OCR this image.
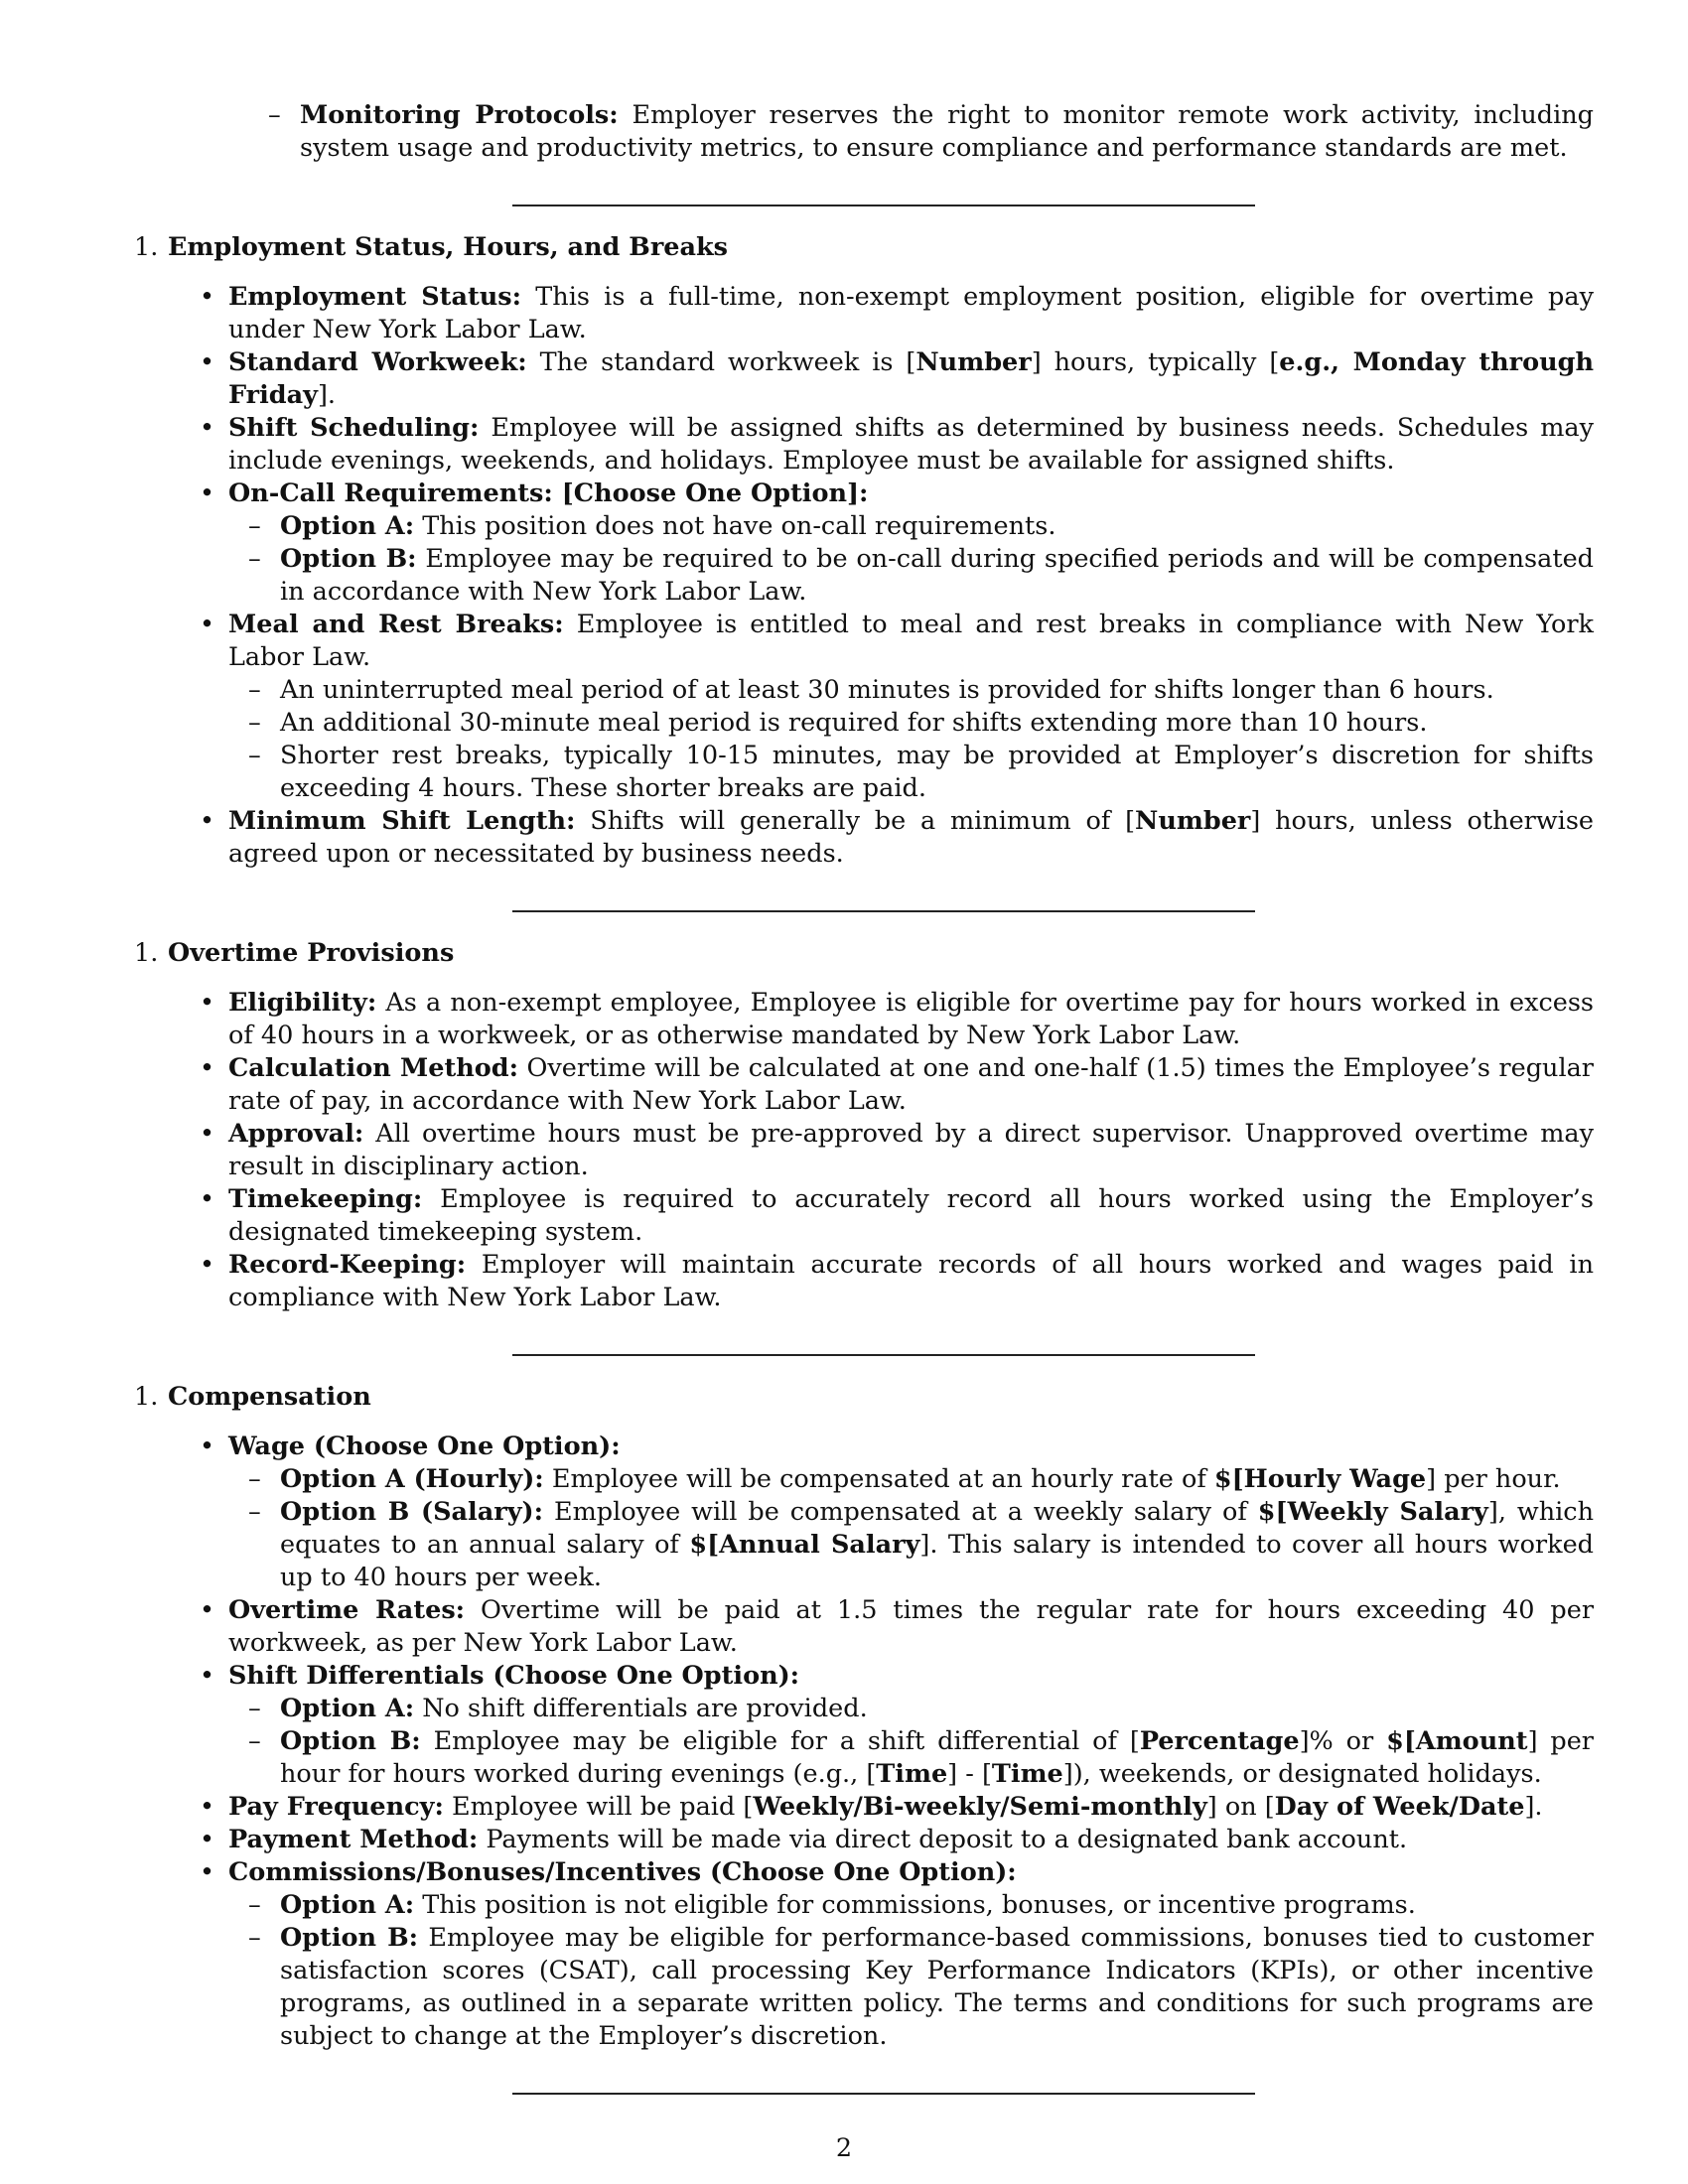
– Monitoring Protocols: Employer reserves the right to monitor remote work activity, including system usage and productivity metrics, to ensure compliance and performance standards are met.
1. Employment Status, Hours, and Breaks
• Employment Status: This is a full-time, non-exempt employment position, eligible for overtime pay under New York Labor Law.
• Standard Workweek: The standard workweek is [Number] hours, typically [e.g., Monday through Friday].
• Shift Scheduling: Employee will be assigned shifts as determined by business needs. Schedules may include evenings, weekends, and holidays. Employee must be available for assigned shifts.
• On-Call Requirements: [Choose One Option]:
– Option A: This position does not have on-call requirements.
– Option B: Employee may be required to be on-call during specified periods and will be compensated in accordance with New York Labor Law.
• Meal and Rest Breaks: Employee is entitled to meal and rest breaks in compliance with New York Labor Law.
– An uninterrupted meal period of at least 30 minutes is provided for shifts longer than 6 hours.
– An additional 30-minute meal period is required for shifts extending more than 10 hours.
– Shorter rest breaks, typically 10-15 minutes, may be provided at Employer’s discretion for shifts exceeding 4 hours. These shorter breaks are paid.
• Minimum Shift Length: Shifts will generally be a minimum of [Number] hours, unless otherwise agreed upon or necessitated by business needs.
1. Overtime Provisions
• Eligibility: As a non-exempt employee, Employee is eligible for overtime pay for hours worked in excess of 40 hours in a workweek, or as otherwise mandated by New York Labor Law.
• Calculation Method: Overtime will be calculated at one and one-half (1.5) times the Employee’s regular rate of pay, in accordance with New York Labor Law.
• Approval: All overtime hours must be pre-approved by a direct supervisor. Unapproved overtime may result in disciplinary action.
• Timekeeping: Employee is required to accurately record all hours worked using the Employer’s designated timekeeping system.
• Record-Keeping: Employer will maintain accurate records of all hours worked and wages paid in compliance with New York Labor Law.
1. Compensation
• Wage (Choose One Option):
– Option A (Hourly): Employee will be compensated at an hourly rate of $[Hourly Wage] per hour.
– Option B (Salary): Employee will be compensated at a weekly salary of $[Weekly Salary], which equates to an annual salary of $[Annual Salary]. This salary is intended to cover all hours worked up to 40 hours per week.
• Overtime Rates: Overtime will be paid at 1.5 times the regular rate for hours exceeding 40 per workweek, as per New York Labor Law.
• Shift Differentials (Choose One Option):
– Option A: No shift differentials are provided.
– Option B: Employee may be eligible for a shift differential of [Percentage]% or $[Amount] per hour for hours worked during evenings (e.g., [Time] - [Time]), weekends, or designated holidays.
• Pay Frequency: Employee will be paid [Weekly/Bi-weekly/Semi-monthly] on [Day of Week/Date].
• Payment Method: Payments will be made via direct deposit to a designated bank account.
• Commissions/Bonuses/Incentives (Choose One Option):
– Option A: This position is not eligible for commissions, bonuses, or incentive programs.
– Option B: Employee may be eligible for performance-based commissions, bonuses tied to customer satisfaction scores (CSAT), call processing Key Performance Indicators (KPIs), or other incentive programs, as outlined in a separate written policy. The terms and conditions for such programs are subject to change at the Employer’s discretion.
2
